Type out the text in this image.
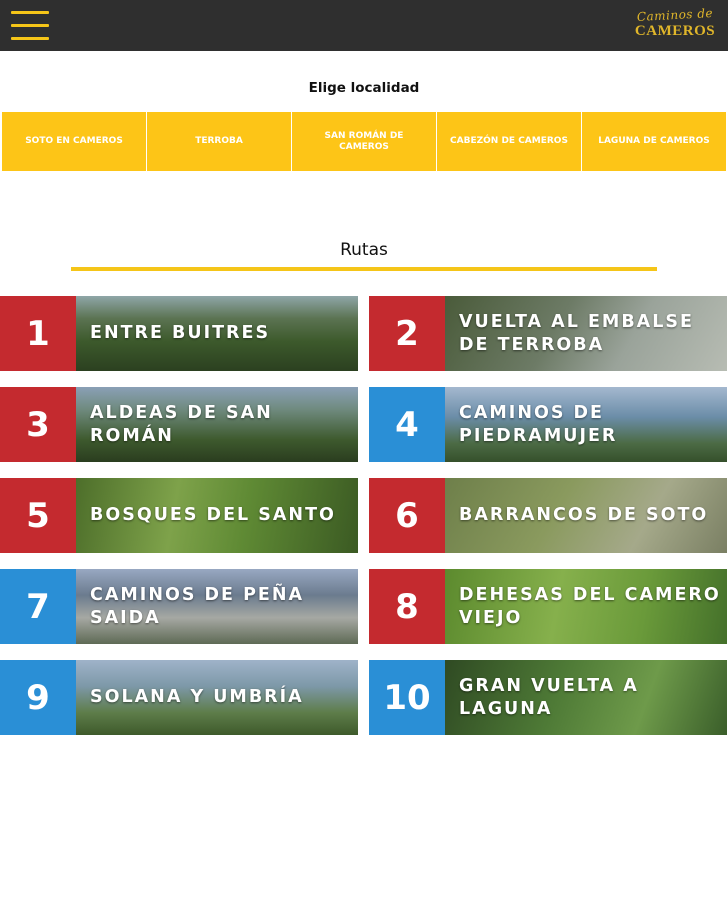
Caminos de
CAMEROS
Elige localidad
SOTO EN CAMEROS	TERROBA
SAN ROMÁN DE CAMEROS
CABEZÓN DE CAMEROS	LAGUNA DE CAMEROS
Rutas
1	ENTRE BUITRES	2	VUELTA AL EMBALSE DE TERROBA
3	ALDEAS DE SAN ROMÁN	4	CAMINOS DE PIEDRAMUJER
5	BOSQUES DEL SANTO	6	BARRANCOS DE SOTO
7	CAMINOS DE PEÑA SAIDA	8	DEHESAS DEL CAMERO VIEJO
9	SOLANA Y UMBRÍA	10	GRAN VUELTA A LAGUNA
